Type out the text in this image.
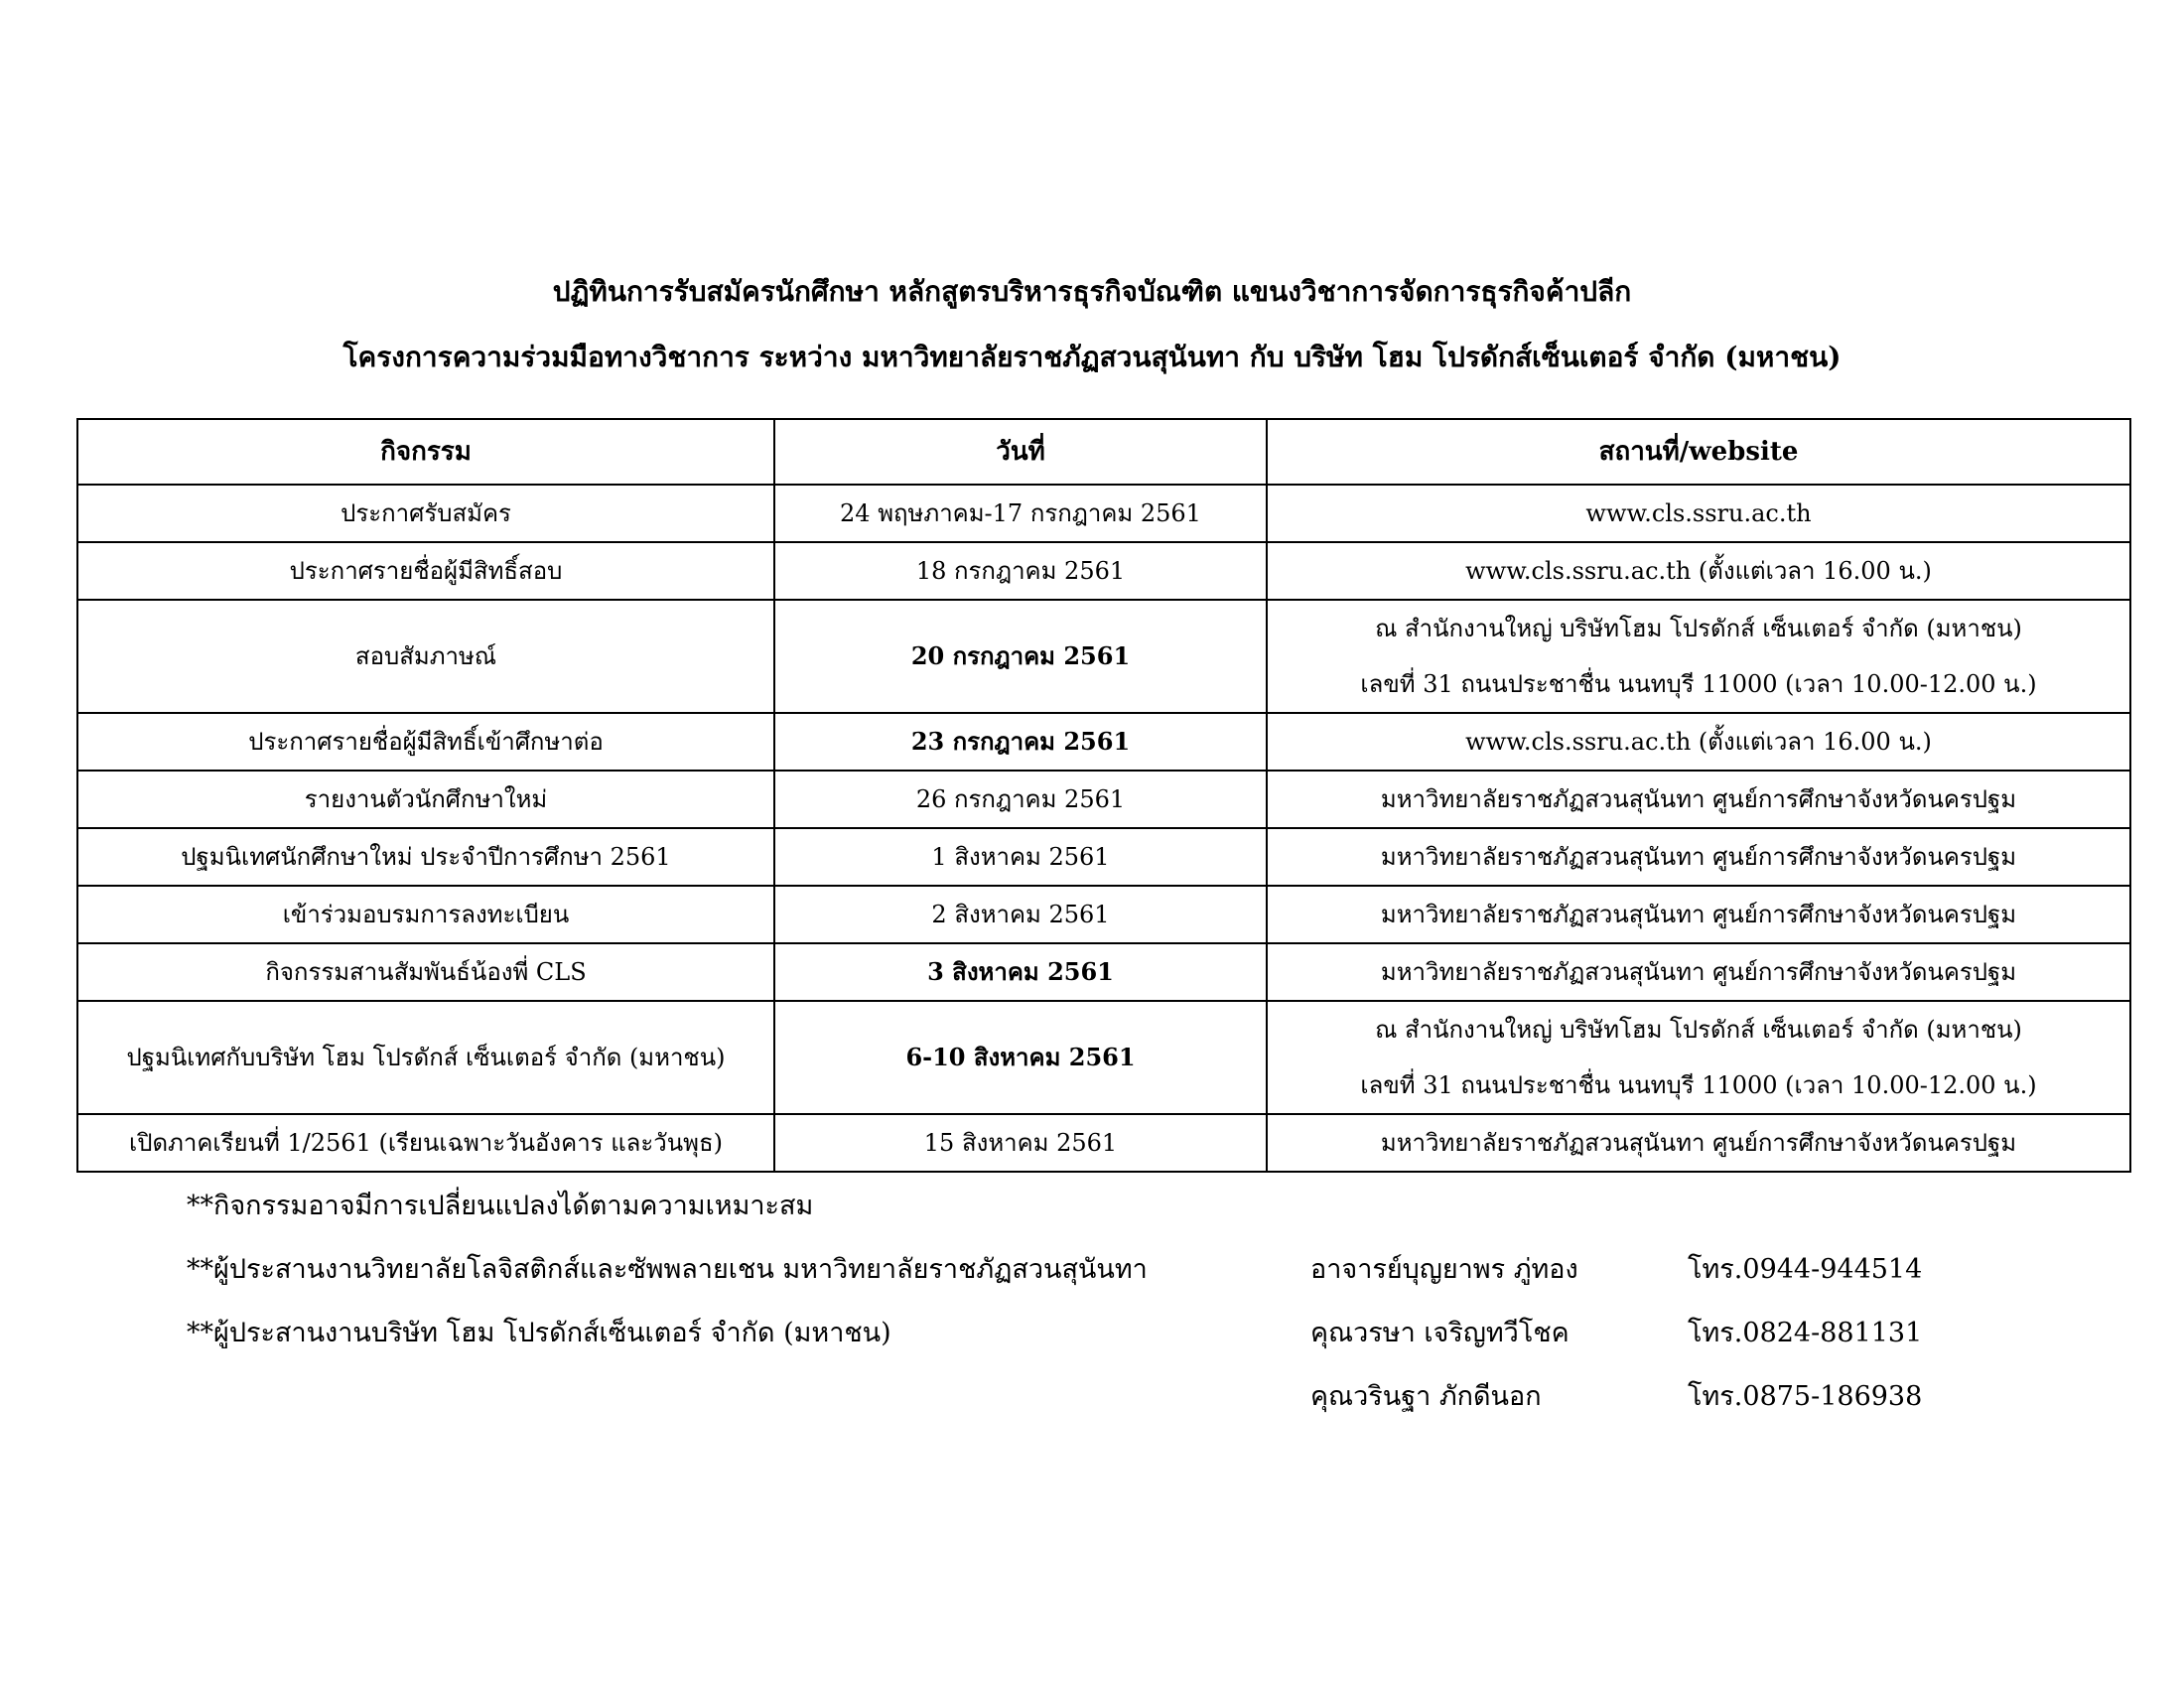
ปฏิทินการรับสมัครนักศึกษา หลักสูตรบริหารธุรกิจบัณฑิต แขนงวิชาการจัดการธุรกิจค้าปลีก
โครงการความร่วมมือทางวิชาการ ระหว่าง มหาวิทยาลัยราชภัฏสวนสุนันทา กับ บริษัท โฮม โปรดักส์เซ็นเตอร์ จำกัด (มหาชน)
กิจกรรม	วันที่	สถานที่/website
ประกาศรับสมัคร	24 พฤษภาคม-17 กรกฎาคม 2561	www.cls.ssru.ac.th
ประกาศรายชื่อผู้มีสิทธิ์สอบ	18 กรกฎาคม 2561	www.cls.ssru.ac.th (ตั้งแต่เวลา 16.00 น.)
สอบสัมภาษณ์	20 กรกฎาคม 2561	ณ สำนักงานใหญ่ บริษัทโฮม โปรดักส์ เซ็นเตอร์ จำกัด (มหาชน)
เลขที่ 31 ถนนประชาชื่น นนทบุรี 11000 (เวลา 10.00-12.00 น.)

ประกาศรายชื่อผู้มีสิทธิ์เข้าศึกษาต่อ	23 กรกฎาคม 2561	www.cls.ssru.ac.th (ตั้งแต่เวลา 16.00 น.)
รายงานตัวนักศึกษาใหม่	26 กรกฎาคม 2561	มหาวิทยาลัยราชภัฏสวนสุนันทา ศูนย์การศึกษาจังหวัดนครปฐม
ปฐมนิเทศนักศึกษาใหม่ ประจำปีการศึกษา 2561	1 สิงหาคม 2561	มหาวิทยาลัยราชภัฏสวนสุนันทา ศูนย์การศึกษาจังหวัดนครปฐม
เข้าร่วมอบรมการลงทะเบียน	2 สิงหาคม 2561	มหาวิทยาลัยราชภัฏสวนสุนันทา ศูนย์การศึกษาจังหวัดนครปฐม
กิจกรรมสานสัมพันธ์น้องพี่ CLS	3 สิงหาคม 2561	มหาวิทยาลัยราชภัฏสวนสุนันทา ศูนย์การศึกษาจังหวัดนครปฐม
ปฐมนิเทศกับบริษัท โฮม โปรดักส์ เซ็นเตอร์ จำกัด (มหาชน)	6-10 สิงหาคม 2561	ณ สำนักงานใหญ่ บริษัทโฮม โปรดักส์ เซ็นเตอร์ จำกัด (มหาชน)
เลขที่ 31 ถนนประชาชื่น นนทบุรี 11000 (เวลา 10.00-12.00 น.)

เปิดภาคเรียนที่ 1/2561 (เรียนเฉพาะวันอังคาร และวันพุธ)	15 สิงหาคม 2561	มหาวิทยาลัยราชภัฏสวนสุนันทา ศูนย์การศึกษาจังหวัดนครปฐม
**กิจกรรมอาจมีการเปลี่ยนแปลงได้ตามความเหมาะสม
**ผู้ประสานงานวิทยาลัยโลจิสติกส์และซัพพลายเชน มหาวิทยาลัยราชภัฏสวนสุนันทา
**ผู้ประสานงานบริษัท โฮม โปรดักส์เซ็นเตอร์ จำกัด (มหาชน)
อาจารย์บุญยาพร ภู่ทอง	โทร.0944-944514
คุณวรษา เจริญทวีโชค	โทร.0824-881131
คุณวรินฐา ภักดีนอก	โทร.0875-186938
